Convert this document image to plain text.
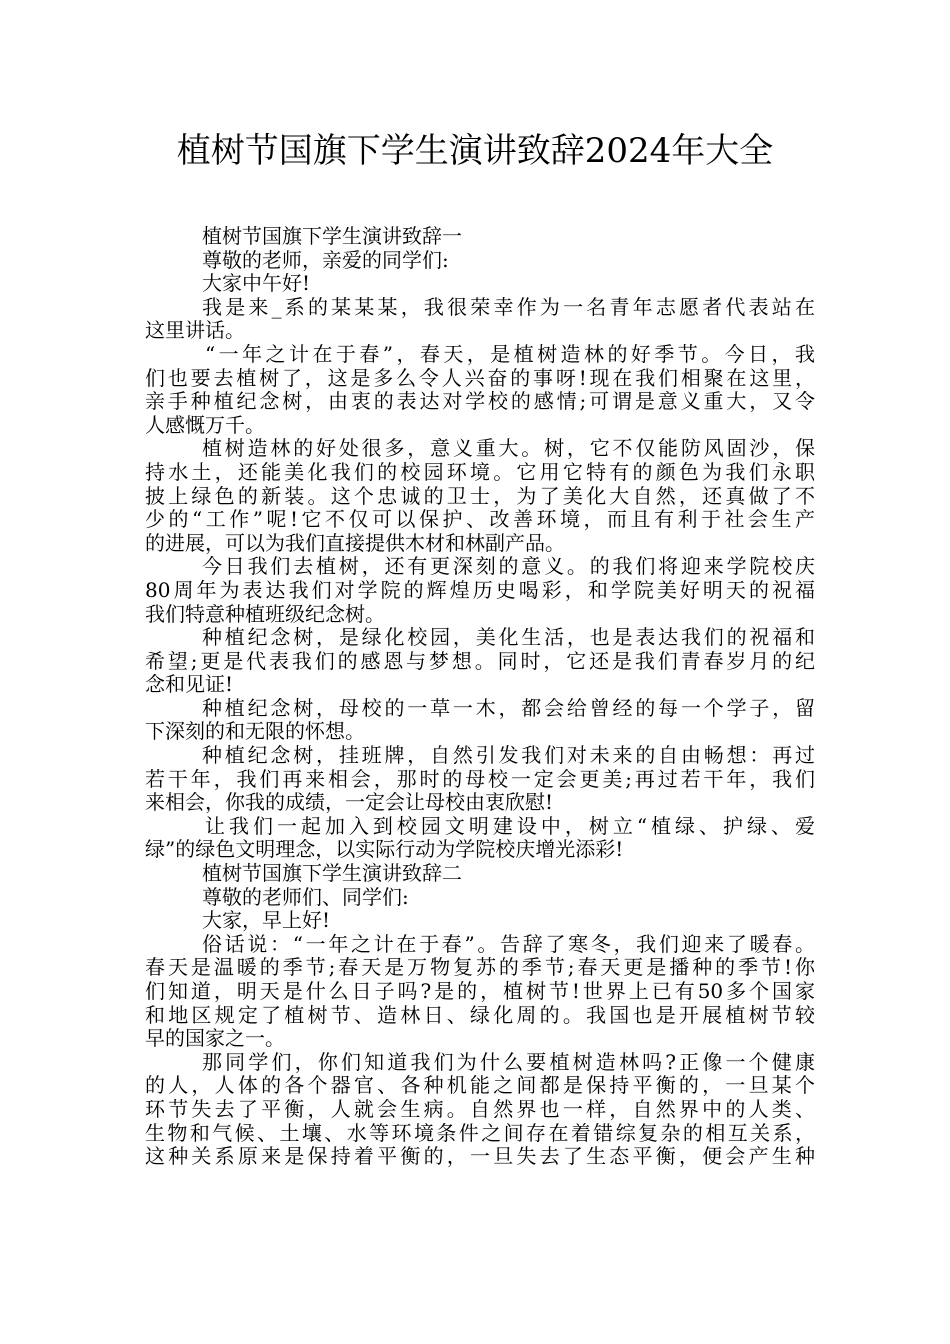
植树节国旗下学生演讲致辞2024年大全
植树节国旗下学生演讲致辞一
尊敬的老师，亲爱的同学们:
大家中午好!
我是来_系的某某某，我很荣幸作为一名青年志愿者代表站在
这里讲话。
“一年之计在于春”，春天，是植树造林的好季节。今日，我
们也要去植树了，这是多么令人兴奋的事呀!现在我们相聚在这里，
亲手种植纪念树，由衷的表达对学校的感情;可谓是意义重大，又令
人感慨万千。
植树造林的好处很多，意义重大。树，它不仅能防风固沙，保
持水土，还能美化我们的校园环境。它用它特有的颜色为我们永职
披上绿色的新装。这个忠诚的卫士，为了美化大自然，还真做了不
少的“工作”呢!它不仅可以保护、改善环境，而且有利于社会生产
的进展，可以为我们直接提供木材和林副产品。
今日我们去植树，还有更深刻的意义。的我们将迎来学院校庆
80周年为表达我们对学院的辉煌历史喝彩，和学院美好明天的祝福
我们特意种植班级纪念树。
种植纪念树，是绿化校园，美化生活，也是表达我们的祝福和
希望;更是代表我们的感恩与梦想。同时，它还是我们青春岁月的纪
念和见证!
种植纪念树，母校的一草一木，都会给曾经的每一个学子，留
下深刻的和无限的怀想。
种植纪念树，挂班牌，自然引发我们对未来的自由畅想：再过
若干年，我们再来相会，那时的母校一定会更美;再过若干年，我们
来相会，你我的成绩，一定会让母校由衷欣慰!
让我们一起加入到校园文明建设中，树立“植绿、护绿、爱
绿”的绿色文明理念，以实际行动为学院校庆增光添彩!
植树节国旗下学生演讲致辞二
尊敬的老师们、同学们:
大家，早上好!
俗话说：“一年之计在于春”。告辞了寒冬，我们迎来了暖春。
春天是温暖的季节;春天是万物复苏的季节;春天更是播种的季节!你
们知道，明天是什么日子吗?是的，植树节!世界上已有50多个国家
和地区规定了植树节、造林日、绿化周的。我国也是开展植树节较
早的国家之一。
那同学们，你们知道我们为什么要植树造林吗?正像一个健康
的人，人体的各个器官、各种机能之间都是保持平衡的，一旦某个
环节失去了平衡，人就会生病。自然界也一样，自然界中的人类、
生物和气候、土壤、水等环境条件之间存在着错综复杂的相互关系，
这种关系原来是保持着平衡的，一旦失去了生态平衡，便会产生种
